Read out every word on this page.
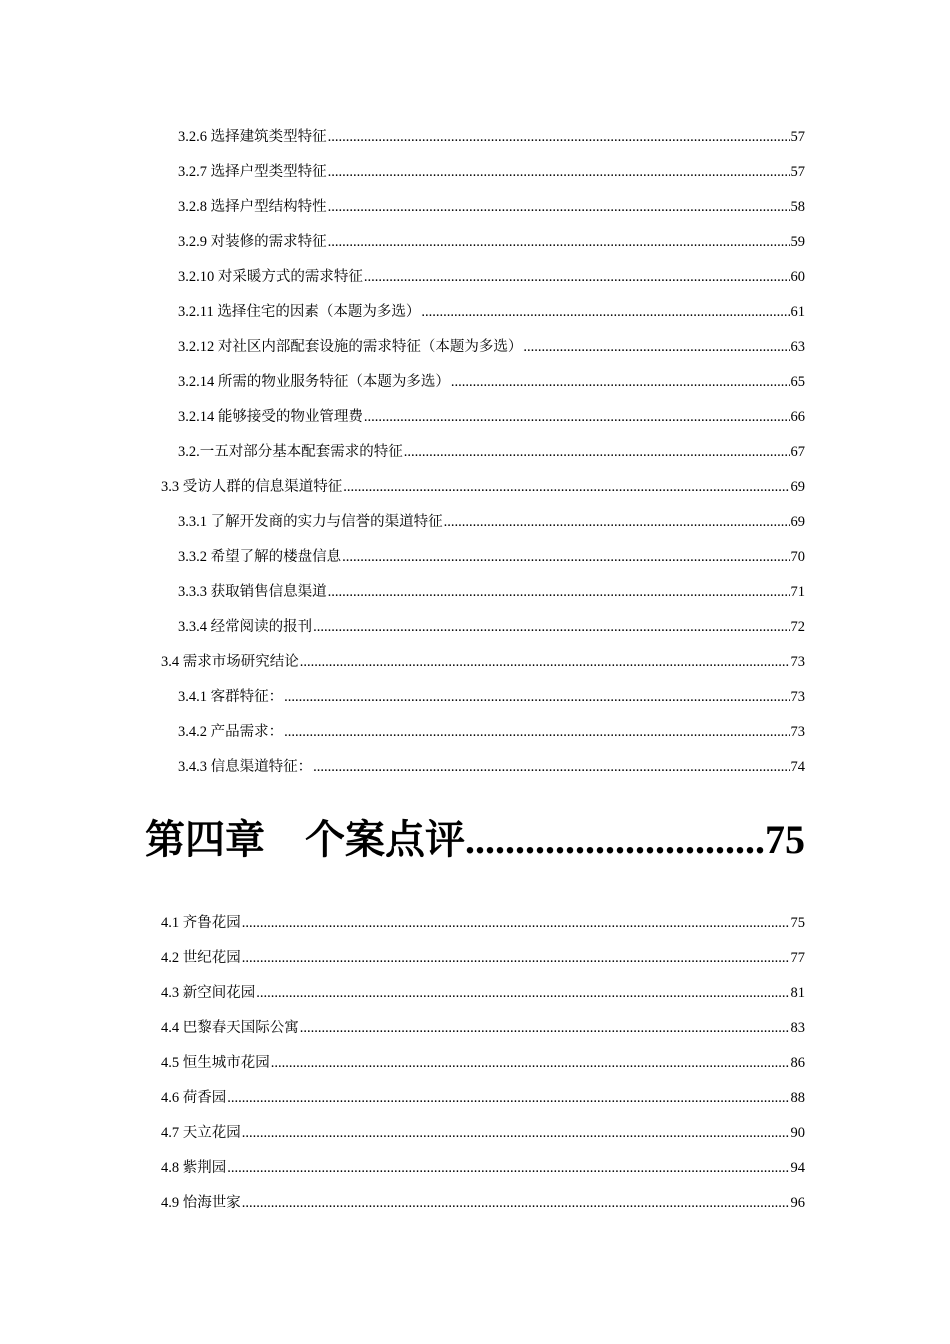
3.2.6 选择建筑类型特征 .....	57
3.2.7 选择户型类型特征 .....	57
3.2.8 选择户型结构特性 .....	58
3.2.9 对装修的需求特征 .....	59
3.2.10 对采暖方式的需求特征 .....	60
3.2.11 选择住宅的因素（本题为多选） .....	61
3.2.12 对社区内部配套设施的需求特征（本题为多选） .....	63
3.2.14 所需的物业服务特征（本题为多选） .....	65
3.2.14 能够接受的物业管理费 .....	66
3.2.一五对部分基本配套需求的特征 .....	67
3.3 受访人群的信息渠道特征 .....	69
3.3.1 了解开发商的实力与信誉的渠道特征 .....	69
3.3.2 希望了解的楼盘信息 .....	70
3.3.3 获取销售信息渠道 .....	71
3.3.4 经常阅读的报刊 .....	72
3.4 需求市场研究结论 .....	73
3.4.1 客群特征： .....	73
3.4.2 产品需求： .....	73
3.4.3 信息渠道特征： .....	74
第四章　个案点评 .....	75
4.1 齐鲁花园 .....	75
4.2 世纪花园 .....	77
4.3 新空间花园 .....	81
4.4 巴黎春天国际公寓 .....	83
4.5 恒生城市花园 .....	86
4.6 荷香园 .....	88
4.7 天立花园 .....	90
4.8 紫荆园 .....	94
4.9 怡海世家 .....	96
